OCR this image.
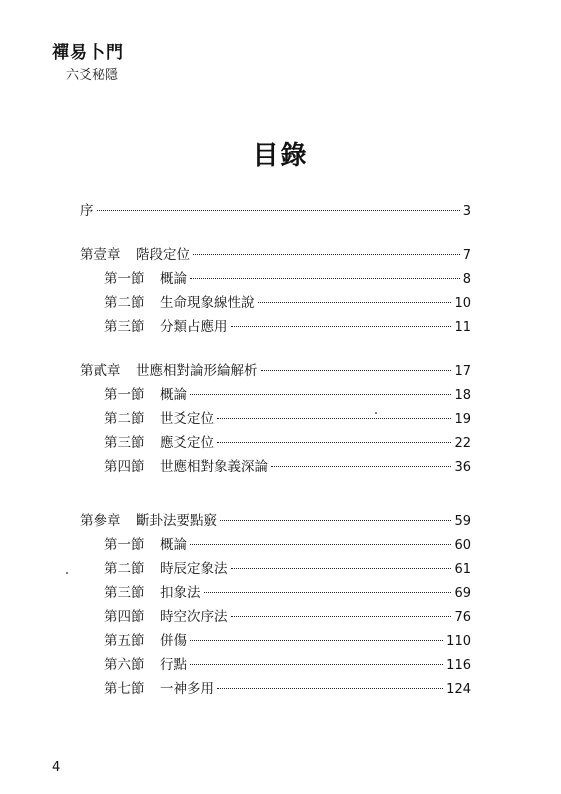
禪易卜門
六爻秘隱
目錄
序	3
第壹章 階段定位	7
第一節 概論	8
第二節 生命現象線性說	10
第三節 分類占應用	11
第貳章 世應相對論形綸解析	17
第一節 概論	18
第二節 世爻定位	19
第三節 應爻定位	22
第四節 世應相對象義深論	36
第參章 斷卦法要點竅	59
第一節 概論	60
第二節 時辰定象法	61
第三節 扣象法	69
第四節 時空次序法	76
第五節 併傷	110
第六節 行點	116
第七節 一神多用	124
4
